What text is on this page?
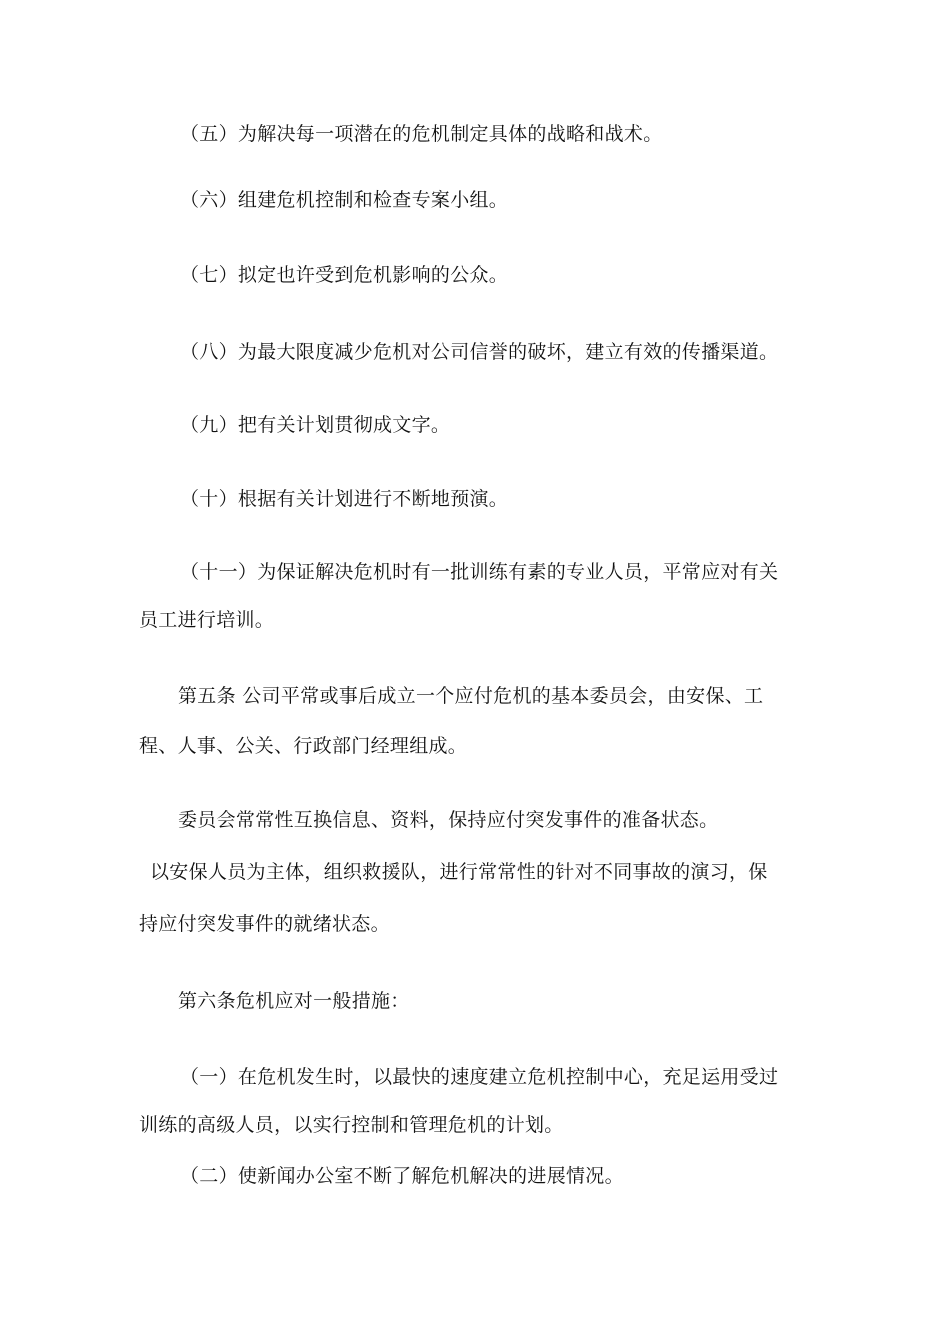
（五）为解决每一项潜在的危机制定具体的战略和战术。
（六）组建危机控制和检查专案小组。
（七）拟定也许受到危机影响的公众。
（八）为最大限度减少危机对公司信誉的破坏，建立有效的传播渠道。
（九）把有关计划贯彻成文字。
（十）根据有关计划进行不断地预演。
（十一）为保证解决危机时有一批训练有素的专业人员，平常应对有关
员工进行培训。
第五条 公司平常或事后成立一个应付危机的基本委员会，由安保、工
程、人事、公关、行政部门经理组成。
委员会常常性互换信息、资料，保持应付突发事件的准备状态。
以安保人员为主体，组织救援队，进行常常性的针对不同事故的演习，保
持应付突发事件的就绪状态。
第六条危机应对一般措施：
（一）在危机发生时，以最快的速度建立危机控制中心，充足运用受过
训练的高级人员，以实行控制和管理危机的计划。
（二）使新闻办公室不断了解危机解决的进展情况。
